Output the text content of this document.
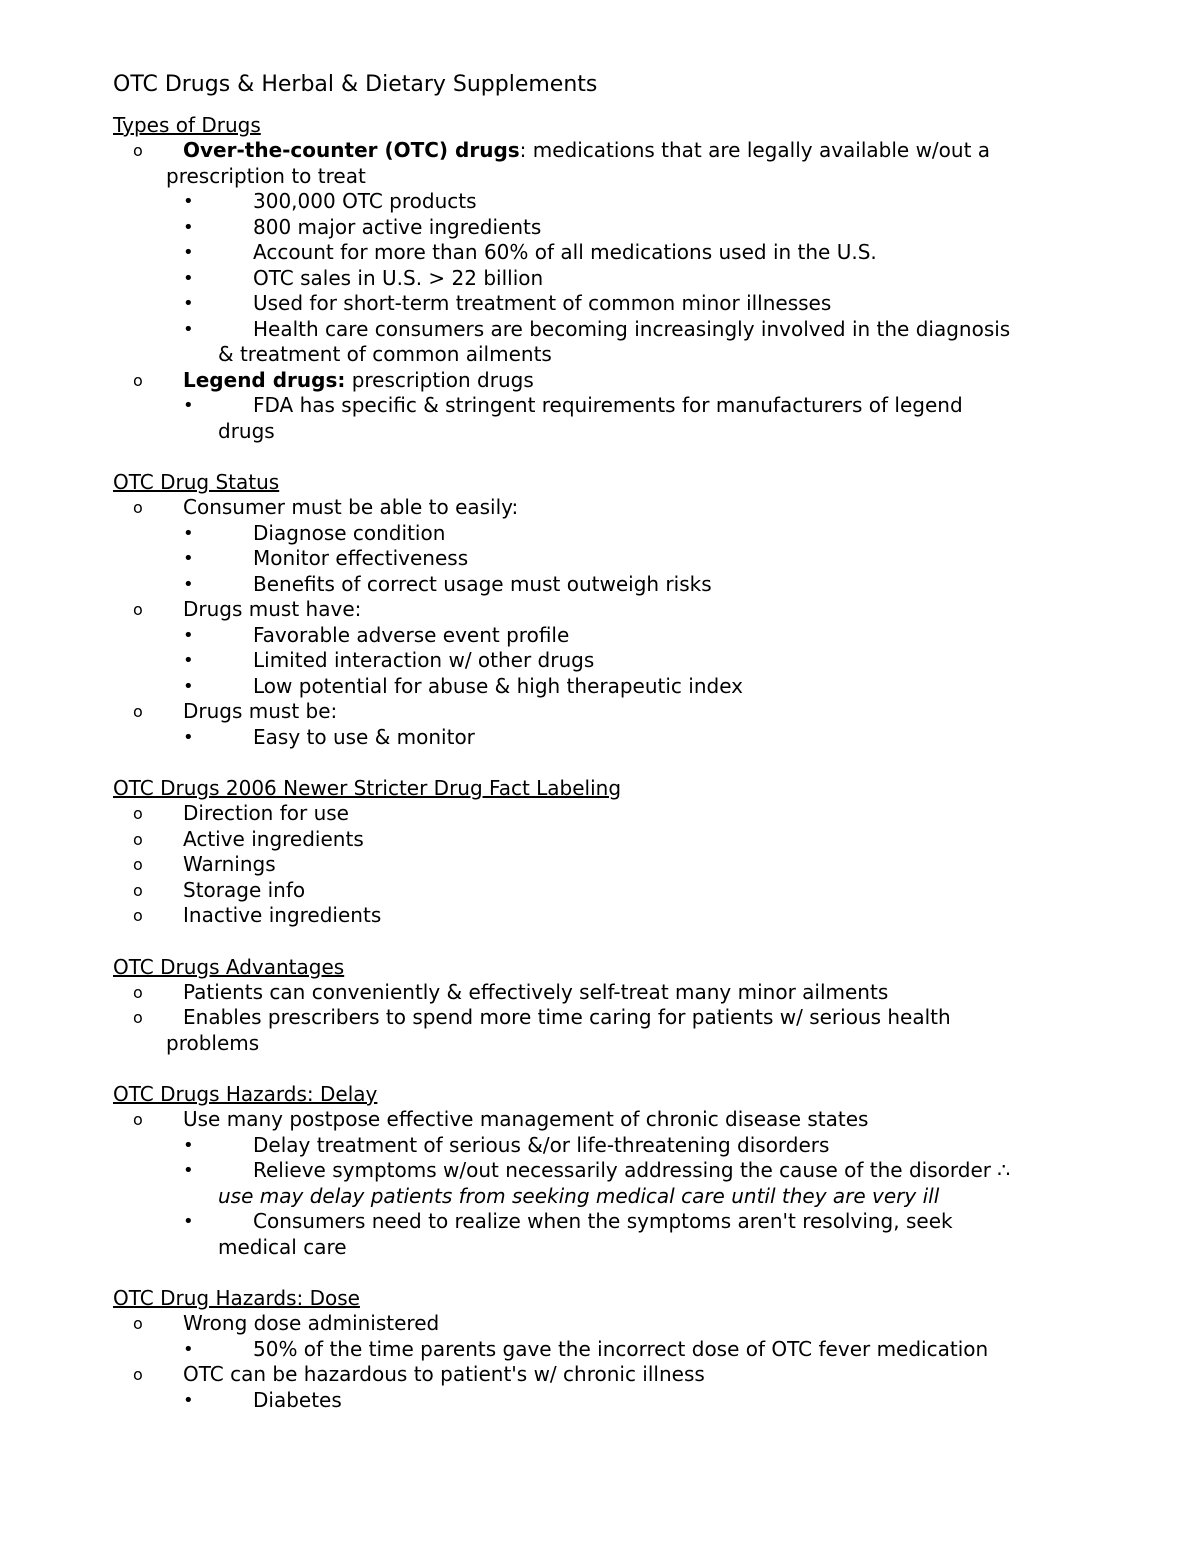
OTC Drugs & Herbal & Dietary Supplements
Types of Drugs
o Over-the-counter (OTC) drugs: medications that are legally available w/out a
prescription to treat
•	300,000 OTC products
•	800 major active ingredients
•	Account for more than 60% of all medications used in the U.S.
•	OTC sales in U.S. > 22 billion
•	Used for short-term treatment of common minor illnesses
•	Health care consumers are becoming increasingly involved in the diagnosis
& treatment of common ailments
o Legend drugs: prescription drugs
•	FDA has specific & stringent requirements for manufacturers of legend
drugs
OTC Drug Status
o Consumer must be able to easily:
•	Diagnose condition
•	Monitor effectiveness
•	Benefits of correct usage must outweigh risks
o Drugs must have:
•	Favorable adverse event profile
•	Limited interaction w/ other drugs
•	Low potential for abuse & high therapeutic index
o Drugs must be:
•	Easy to use & monitor
OTC Drugs 2006 Newer Stricter Drug Fact Labeling
o Direction for use
o Active ingredients
o Warnings
o Storage info
o Inactive ingredients
OTC Drugs Advantages
o Patients can conveniently & effectively self-treat many minor ailments
o Enables prescribers to spend more time caring for patients w/ serious health
problems
OTC Drugs Hazards: Delay
o Use many postpose effective management of chronic disease states
•	Delay treatment of serious &/or life-threatening disorders
•	Relieve symptoms w/out necessarily addressing the cause of the disorder ∴
use may delay patients from seeking medical care until they are very ill
•	Consumers need to realize when the symptoms aren't resolving, seek
medical care
OTC Drug Hazards: Dose
o Wrong dose administered
•	50% of the time parents gave the incorrect dose of OTC fever medication
o OTC can be hazardous to patient's w/ chronic illness
•	Diabetes
